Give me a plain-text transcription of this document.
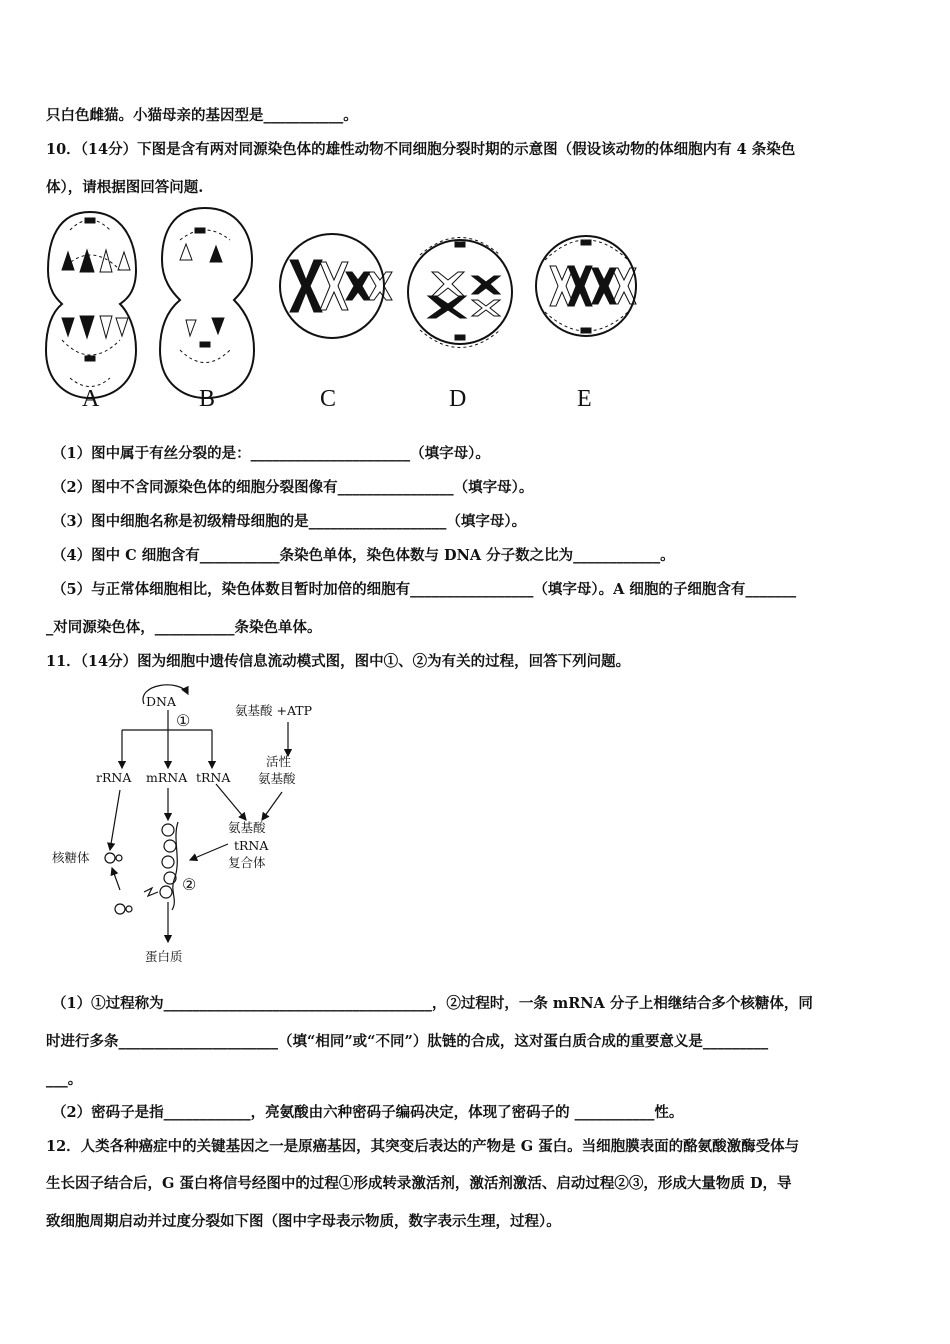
只白色雌猫。小猫母亲的基因型是___________。
10．（14分）下图是含有两对同源染色体的雄性动物不同细胞分裂时期的示意图（假设该动物的体细胞内有 4 条染色
体），请根据图回答问题.
A	B	C	D	E
（1）图中属于有丝分裂的是：______________________（填字母）。
（2）图中不含同源染色体的细胞分裂图像有________________（填字母）。
（3）图中细胞名称是初级精母细胞的是___________________（填字母）。
（4）图中 C 细胞含有___________条染色单体，染色体数与 DNA 分子数之比为____________。
（5）与正常体细胞相比，染色体数目暂时加倍的细胞有_________________（填字母）。A 细胞的子细胞含有_______
_对同源染色体，___________条染色单体。
11．（14分）图为细胞中遗传信息流动模式图，图中①、②为有关的过程，回答下列问题。
DNA
①
氨基酸 +ATP
rRNA mRNA tRNA
活性
氨基酸
氨基酸
tRNA
复合体
核糖体
②
蛋白质
（1）①过程称为_____________________________________，②过程时，一条 mRNA 分子上相继结合多个核糖体，同
时进行多条______________________（填“相同”或“不同”）肽链的合成，这对蛋白质合成的重要意义是_________
___。
（2）密码子是指____________，亮氨酸由六种密码子编码决定，体现了密码子的 ___________性。
12．人类各种癌症中的关键基因之一是原癌基因，其突变后表达的产物是 G 蛋白。当细胞膜表面的酪氨酸激酶受体与
生长因子结合后，G 蛋白将信号经图中的过程①形成转录激活剂，激活剂激活、启动过程②③，形成大量物质 D，导
致细胞周期启动并过度分裂如下图（图中字母表示物质，数字表示生理，过程）。
